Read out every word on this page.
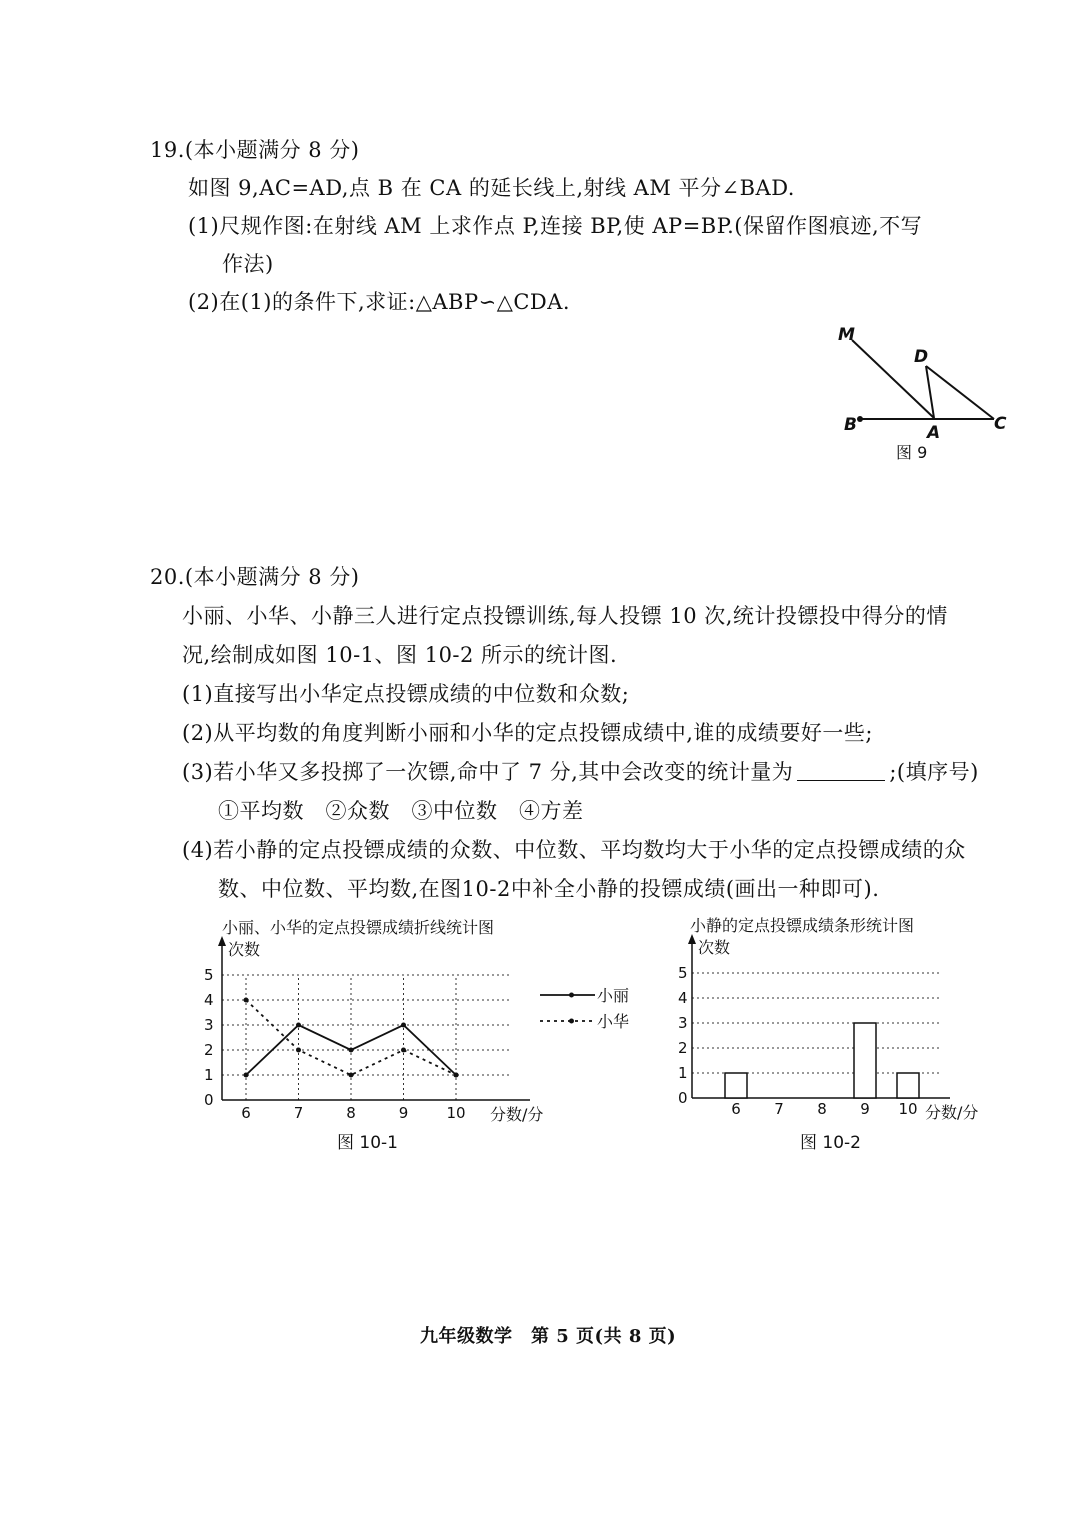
19.(本小题满分 8 分)
如图 9,AC=AD,点 B 在 CA 的延长线上,射线 AM 平分∠BAD.
(1)尺规作图:在射线 AM 上求作点 P,连接 BP,使 AP=BP.(保留作图痕迹,不写
作法)
(2)在(1)的条件下,求证:△ABP∽△CDA.
M
D
B	A	C
图 9
20.(本小题满分 8 分)
小丽、小华、小静三人进行定点投镖训练,每人投镖 10 次,统计投镖投中得分的情
况,绘制成如图 10-1、图 10-2 所示的统计图.
(1)直接写出小华定点投镖成绩的中位数和众数;
(2)从平均数的角度判断小丽和小华的定点投镖成绩中,谁的成绩要好一些;
(3)若小华又多投掷了一次镖,命中了 7 分,其中会改变的统计量为	;(填序号)
①平均数　②众数　③中位数　④方差
(4)若小静的定点投镖成绩的众数、中位数、平均数均大于小华的定点投镖成绩的众
数、中位数、平均数,在图10-2中补全小静的投镖成绩(画出一种即可).
小丽、小华的定点投镖成绩折线统计图	小静的定点投镖成绩条形统计图
次数
分数/分
0
1
2
3
4
5
6	7	8	9	10
小丽
小华
次数
分数/分
0
1
2
3
4
5
6 7 8 9 10
图 10-1	图 10-2
九年级数学　第 5 页(共 8 页)
